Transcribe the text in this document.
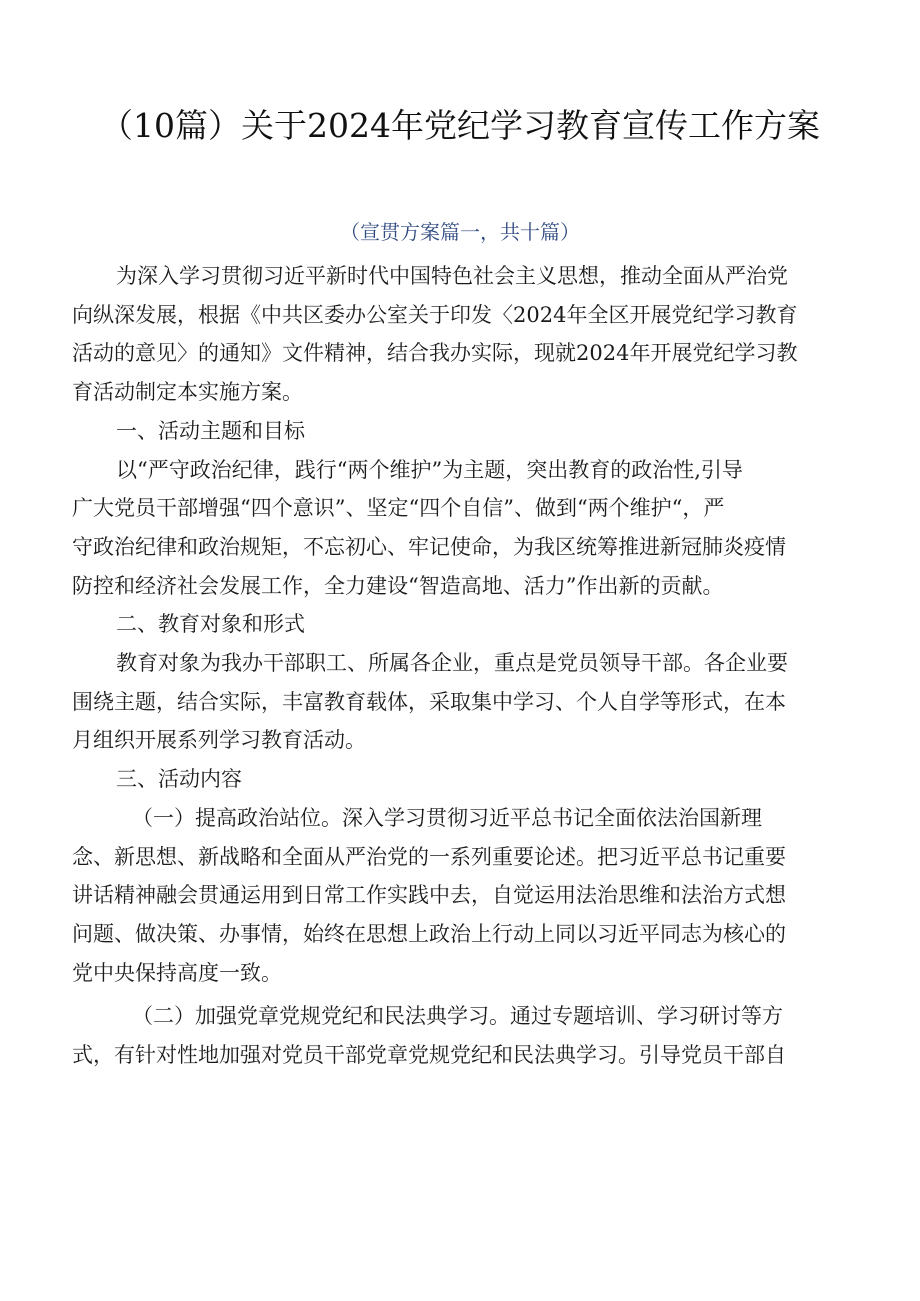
（10篇）关于2024年党纪学习教育宣传工作方案
（宣贯方案篇一，共十篇）

为深入学习贯彻习近平新时代中国特色社会主义思想，推动全面从严治党
向纵深发展，根据《中共区委办公室关于印发〈2024年全区开展党纪学习教育
活动的意见〉的通知》文件精神，结合我办实际，现就2024年开展党纪学习教
育活动制定本实施方案。

一、活动主题和目标

以“严守政治纪律，践行“两个维护”为主题，突出教育的政治性,引导
广大党员干部增强“四个意识”、坚定“四个自信”、做到“两个维护“，严
守政治纪律和政治规矩，不忘初心、牢记使命，为我区统筹推进新冠肺炎疫情
防控和经济社会发展工作，全力建设“智造高地、活力”作出新的贡献。

二、教育对象和形式

教育对象为我办干部职工、所属各企业，重点是党员领导干部。各企业要
围绕主题，结合实际，丰富教育载体，采取集中学习、个人自学等形式，在本
月组织开展系列学习教育活动。

三、活动内容

（一）提高政治站位。深入学习贯彻习近平总书记全面依法治国新理
念、新思想、新战略和全面从严治党的一系列重要论述。把习近平总书记重要
讲话精神融会贯通运用到日常工作实践中去，自觉运用法治思维和法治方式想
问题、做决策、办事情，始终在思想上政治上行动上同以习近平同志为核心的
党中央保持高度一致。

（二）加强党章党规党纪和民法典学习。通过专题培训、学习研讨等方
式，有针对性地加强对党员干部党章党规党纪和民法典学习。引导党员干部自
